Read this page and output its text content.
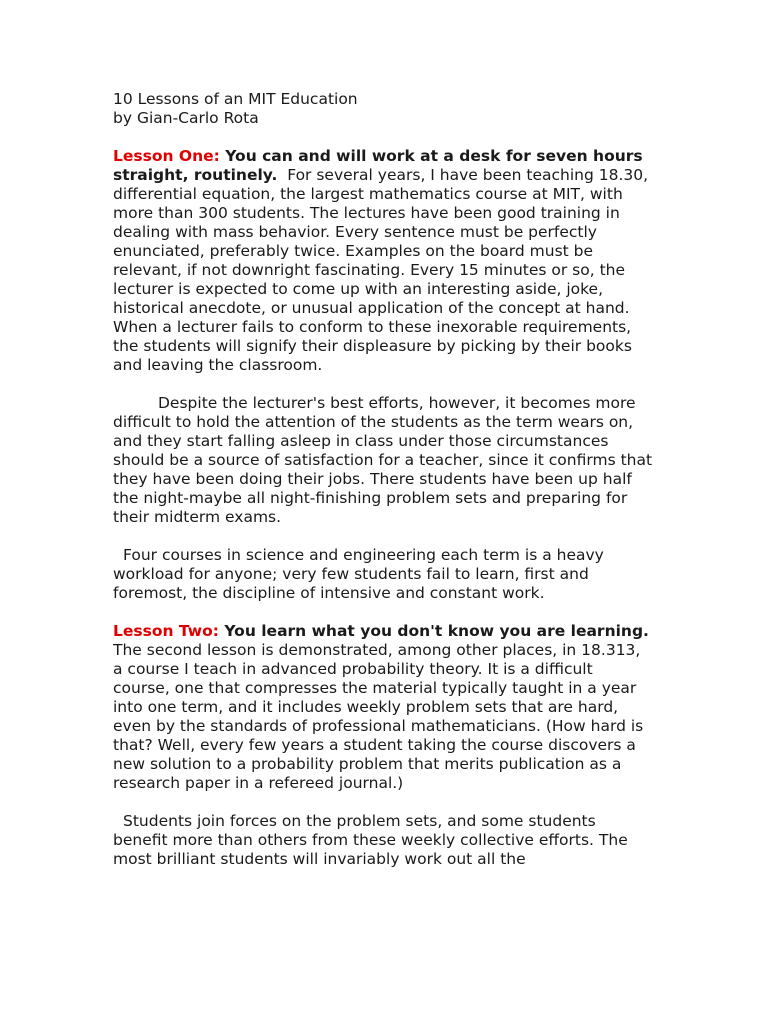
10 Lessons of an MIT Education
by Gian-Carlo Rota

Lesson One: You can and will work at a desk for seven hours straight, routinely.  For several years, I have been teaching 18.30, differential equation, the largest mathematics course at MIT, with more than 300 students. The lectures have been good training in dealing with mass behavior. Every sentence must be perfectly enunciated, preferably twice. Examples on the board must be relevant, if not downright fascinating. Every 15 minutes or so, the lecturer is expected to come up with an interesting aside, joke, historical anecdote, or unusual application of the concept at hand. When a lecturer fails to conform to these inexorable requirements, the students will signify their displeasure by picking by their books and leaving the classroom.

Despite the lecturer's best efforts, however, it becomes more difficult to hold the attention of the students as the term wears on, and they start falling asleep in class under those circumstances should be a source of satisfaction for a teacher, since it confirms that they have been doing their jobs. There students have been up half the night-maybe all night-finishing problem sets and preparing for their midterm exams.

Four courses in science and engineering each term is a heavy workload for anyone; very few students fail to learn, first and foremost, the discipline of intensive and constant work.

Lesson Two: You learn what you don't know you are learning. The second lesson is demonstrated, among other places, in 18.313, a course I teach in advanced probability theory. It is a difficult course, one that compresses the material typically taught in a year into one term, and it includes weekly problem sets that are hard, even by the standards of professional mathematicians. (How hard is that? Well, every few years a student taking the course discovers a new solution to a probability problem that merits publication as a research paper in a refereed journal.)

Students join forces on the problem sets, and some students benefit more than others from these weekly collective efforts. The most brilliant students will invariably work out all the
